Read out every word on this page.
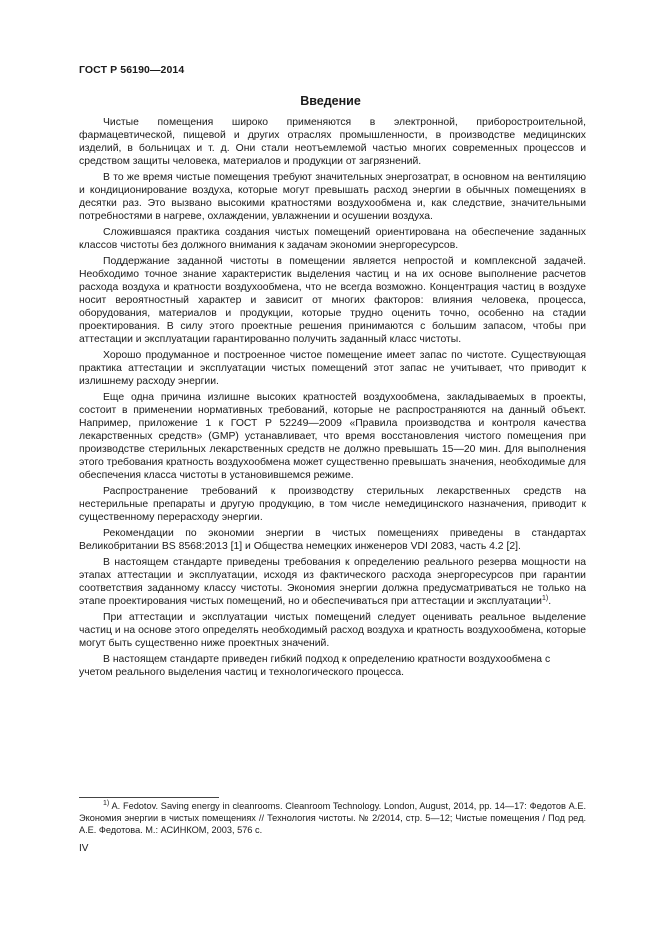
ГОСТ Р 56190—2014
Введение

Чистые помещения широко применяются в электронной, приборостроительной, фармацевтической, пищевой и других отраслях промышленности, в производстве медицинских изделий, в больницах и т. д. Они стали неотъемлемой частью многих современных процессов и средством защиты человека, материалов и продукции от загрязнений.

В то же время чистые помещения требуют значительных энергозатрат, в основном на вентиляцию и кондиционирование воздуха, которые могут превышать расход энергии в обычных помещениях в десятки раз. Это вызвано высокими кратностями воздухообмена и, как следствие, значительными потребностями в нагреве, охлаждении, увлажнении и осушении воздуха.

Сложившаяся практика создания чистых помещений ориентирована на обеспечение заданных классов чистоты без должного внимания к задачам экономии энергоресурсов.

Поддержание заданной чистоты в помещении является непростой и комплексной задачей. Необходимо точное знание характеристик выделения частиц и на их основе выполнение расчетов расхода воздуха и кратности воздухообмена, что не всегда возможно. Концентрация частиц в воздухе носит вероятностный характер и зависит от многих факторов: влияния человека, процесса, оборудования, материалов и продукции, которые трудно оценить точно, особенно на стадии проектирования. В силу этого проектные решения принимаются с большим запасом, чтобы при аттестации и эксплуатации гарантированно получить заданный класс чистоты.

Хорошо продуманное и построенное чистое помещение имеет запас по чистоте. Существующая практика аттестации и эксплуатации чистых помещений этот запас не учитывает, что приводит к излишнему расходу энергии.

Еще одна причина излишне высоких кратностей воздухообмена, закладываемых в проекты, состоит в применении нормативных требований, которые не распространяются на данный объект. Например, приложение 1 к ГОСТ Р 52249—2009 «Правила производства и контроля качества лекарственных средств» (GMP) устанавливает, что время восстановления чистого помещения при производстве стерильных лекарственных средств не должно превышать 15—20 мин. Для выполнения этого требования кратность воздухообмена может существенно превышать значения, необходимые для обеспечения класса чистоты в установившемся режиме.

Распространение требований к производству стерильных лекарственных средств на нестерильные препараты и другую продукцию, в том числе немедицинского назначения, приводит к существенному перерасходу энергии.

Рекомендации по экономии энергии в чистых помещениях приведены в стандартах Великобритании BS 8568:2013 [1] и Общества немецких инженеров VDI 2083, часть 4.2 [2].

В настоящем стандарте приведены требования к определению реального резерва мощности на этапах аттестации и эксплуатации, исходя из фактического расхода энергоресурсов при гарантии соответствия заданному классу чистоты. Экономия энергии должна предусматриваться не только на этапе проектирования чистых помещений, но и обеспечиваться при аттестации и эксплуатации$^{1)}$.

При аттестации и эксплуатации чистых помещений следует оценивать реальное выделение частиц и на основе этого определять необходимый расход воздуха и кратность воздухообмена, которые могут быть существенно ниже проектных значений.

В настоящем стандарте приведен гибкий подход к определению кратности воздухообмена с учетом реального выделения частиц и технологического процесса.

$^{1)}$ A. Fedotov. Saving energy in cleanrooms. Cleanroom Technology. London, August, 2014, pp. 14—17: Федотов А.Е. Экономия энергии в чистых помещениях // Технология чистоты. № 2/2014, стр. 5—12; Чистые помещения / Под ред. А.Е. Федотова. М.: АСИНКОМ, 2003, 576 с.
IV
